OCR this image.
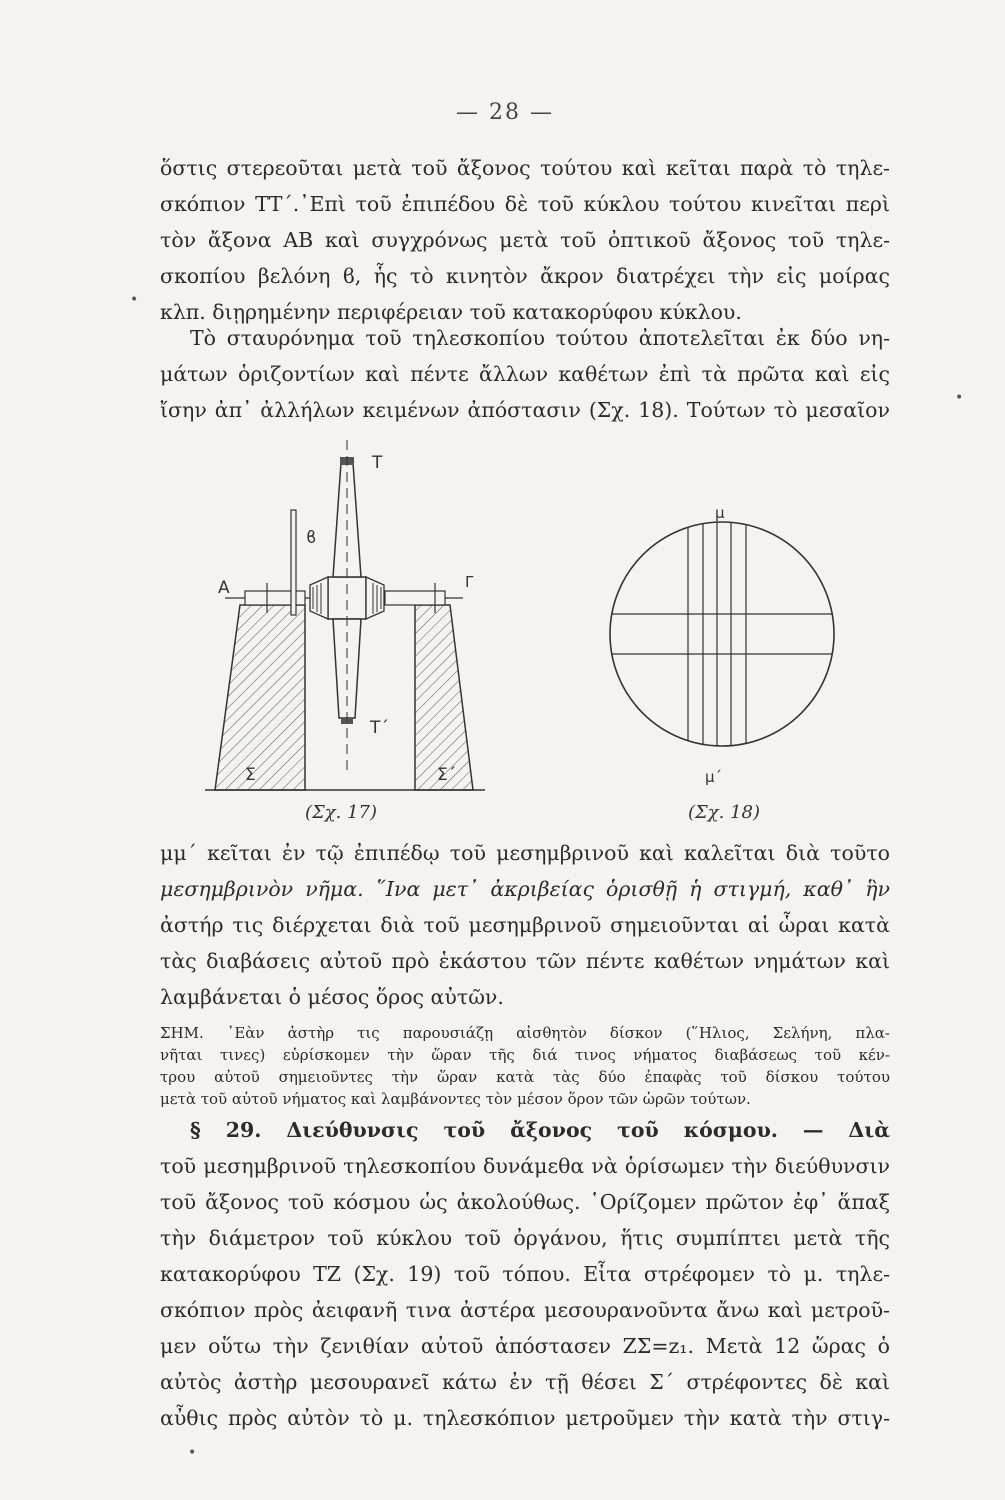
— 28 —
ὅστις στερεοῦται μετὰ τοῦ ἄξονος τούτου καὶ κεῖται παρὰ τὸ τηλε-
σκόπιον ΤΤ΄.᾿Επὶ τοῦ ἐπιπέδου δὲ τοῦ κύκλου τούτου κινεῖται περὶ
τὸν ἄξονα ΑΒ καὶ συγχρόνως μετὰ τοῦ ὀπτικοῦ ἄξονος τοῦ τηλε-
σκοπίου βελόνη ϐ, ἧς τὸ κινητὸν ἄκρον διατρέχει τὴν εἰς μοίρας
κλπ. διῃρημένην περιφέρειαν τοῦ κατακορύφου κύκλου.
•
Τὸ σταυρόνημα τοῦ τηλεσκοπίου τούτου ἀποτελεῖται ἐκ δύο νη-
μάτων ὁριζοντίων καὶ πέντε ἄλλων καθέτων ἐπὶ τὰ πρῶτα καὶ εἰς
ἴσην ἀπ᾿ ἀλλήλων κειμένων ἀπόστασιν (Σχ. 18). Τούτων τὸ μεσαῖον	•
T
ϐ
A	Γ
T΄
Σ	Σ΄
(Σχ. 17)
μ
μ΄
(Σχ. 18)
μμ΄ κεῖται ἐν τῷ ἐπιπέδῳ τοῦ μεσημβρινοῦ καὶ καλεῖται διὰ τοῦτο
μεσημβρινὸν νῆμα. ῞Ινα μετ᾿ ἀκριβείας ὁρισθῇ ἡ στιγμή, καθ᾿ ἣν
ἀστήρ τις διέρχεται διὰ τοῦ μεσημβρινοῦ σημειοῦνται αἱ ὧραι κατὰ
τὰς διαβάσεις αὐτοῦ πρὸ ἑκάστου τῶν πέντε καθέτων νημάτων καὶ
λαμβάνεται ὁ μέσος ὅρος αὐτῶν.
ΣΗΜ. ᾿Εὰν ἀστὴρ τις παρουσιάζῃ αἰσθητὸν δίσκον (῞Ηλιος, Σελήνη, πλα-
νῆται τινες) εὑρίσκομεν τὴν ὥραν τῆς διά τινος νήματος διαβάσεως τοῦ κέν-
τρου αὐτοῦ σημειοῦντες τὴν ὥραν κατὰ τὰς δύο ἐπαφὰς τοῦ δίσκου τούτου
μετὰ τοῦ αὐτοῦ νήματος καὶ λαμβάνοντες τὸν μέσον ὅρον τῶν ὡρῶν τούτων.
§ 29. Διεύθυνσις τοῦ ἄξονος τοῦ κόσμου. — Διὰ
τοῦ μεσημβρινοῦ τηλεσκοπίου δυνάμεθα νὰ ὁρίσωμεν τὴν διεύθυνσιν
τοῦ ἄξονος τοῦ κόσμου ὡς ἀκολούθως. ῾Ορίζομεν πρῶτον ἐφ᾿ ἅπαξ
τὴν διάμετρον τοῦ κύκλου τοῦ ὀργάνου, ἥτις συμπίπτει μετὰ τῆς
κατακορύφου ΤΖ (Σχ. 19) τοῦ τόπου. Εἶτα στρέφομεν τὸ μ. τηλε-
σκόπιον πρὸς ἀειφανῆ τινα ἀστέρα μεσουρανοῦντα ἄνω καὶ μετροῦ-
μεν οὕτω τὴν ζενιθίαν αὐτοῦ ἀπόστασεν ΖΣ=z₁. Μετὰ 12 ὥρας ὁ
αὐτὸς ἀστὴρ μεσουρανεῖ κάτω ἐν τῇ θέσει Σ΄ στρέφοντες δὲ καὶ
αὖθις πρὸς αὐτὸν τὸ μ. τηλεσκόπιον μετροῦμεν τὴν κατὰ τὴν στιγ-
•
